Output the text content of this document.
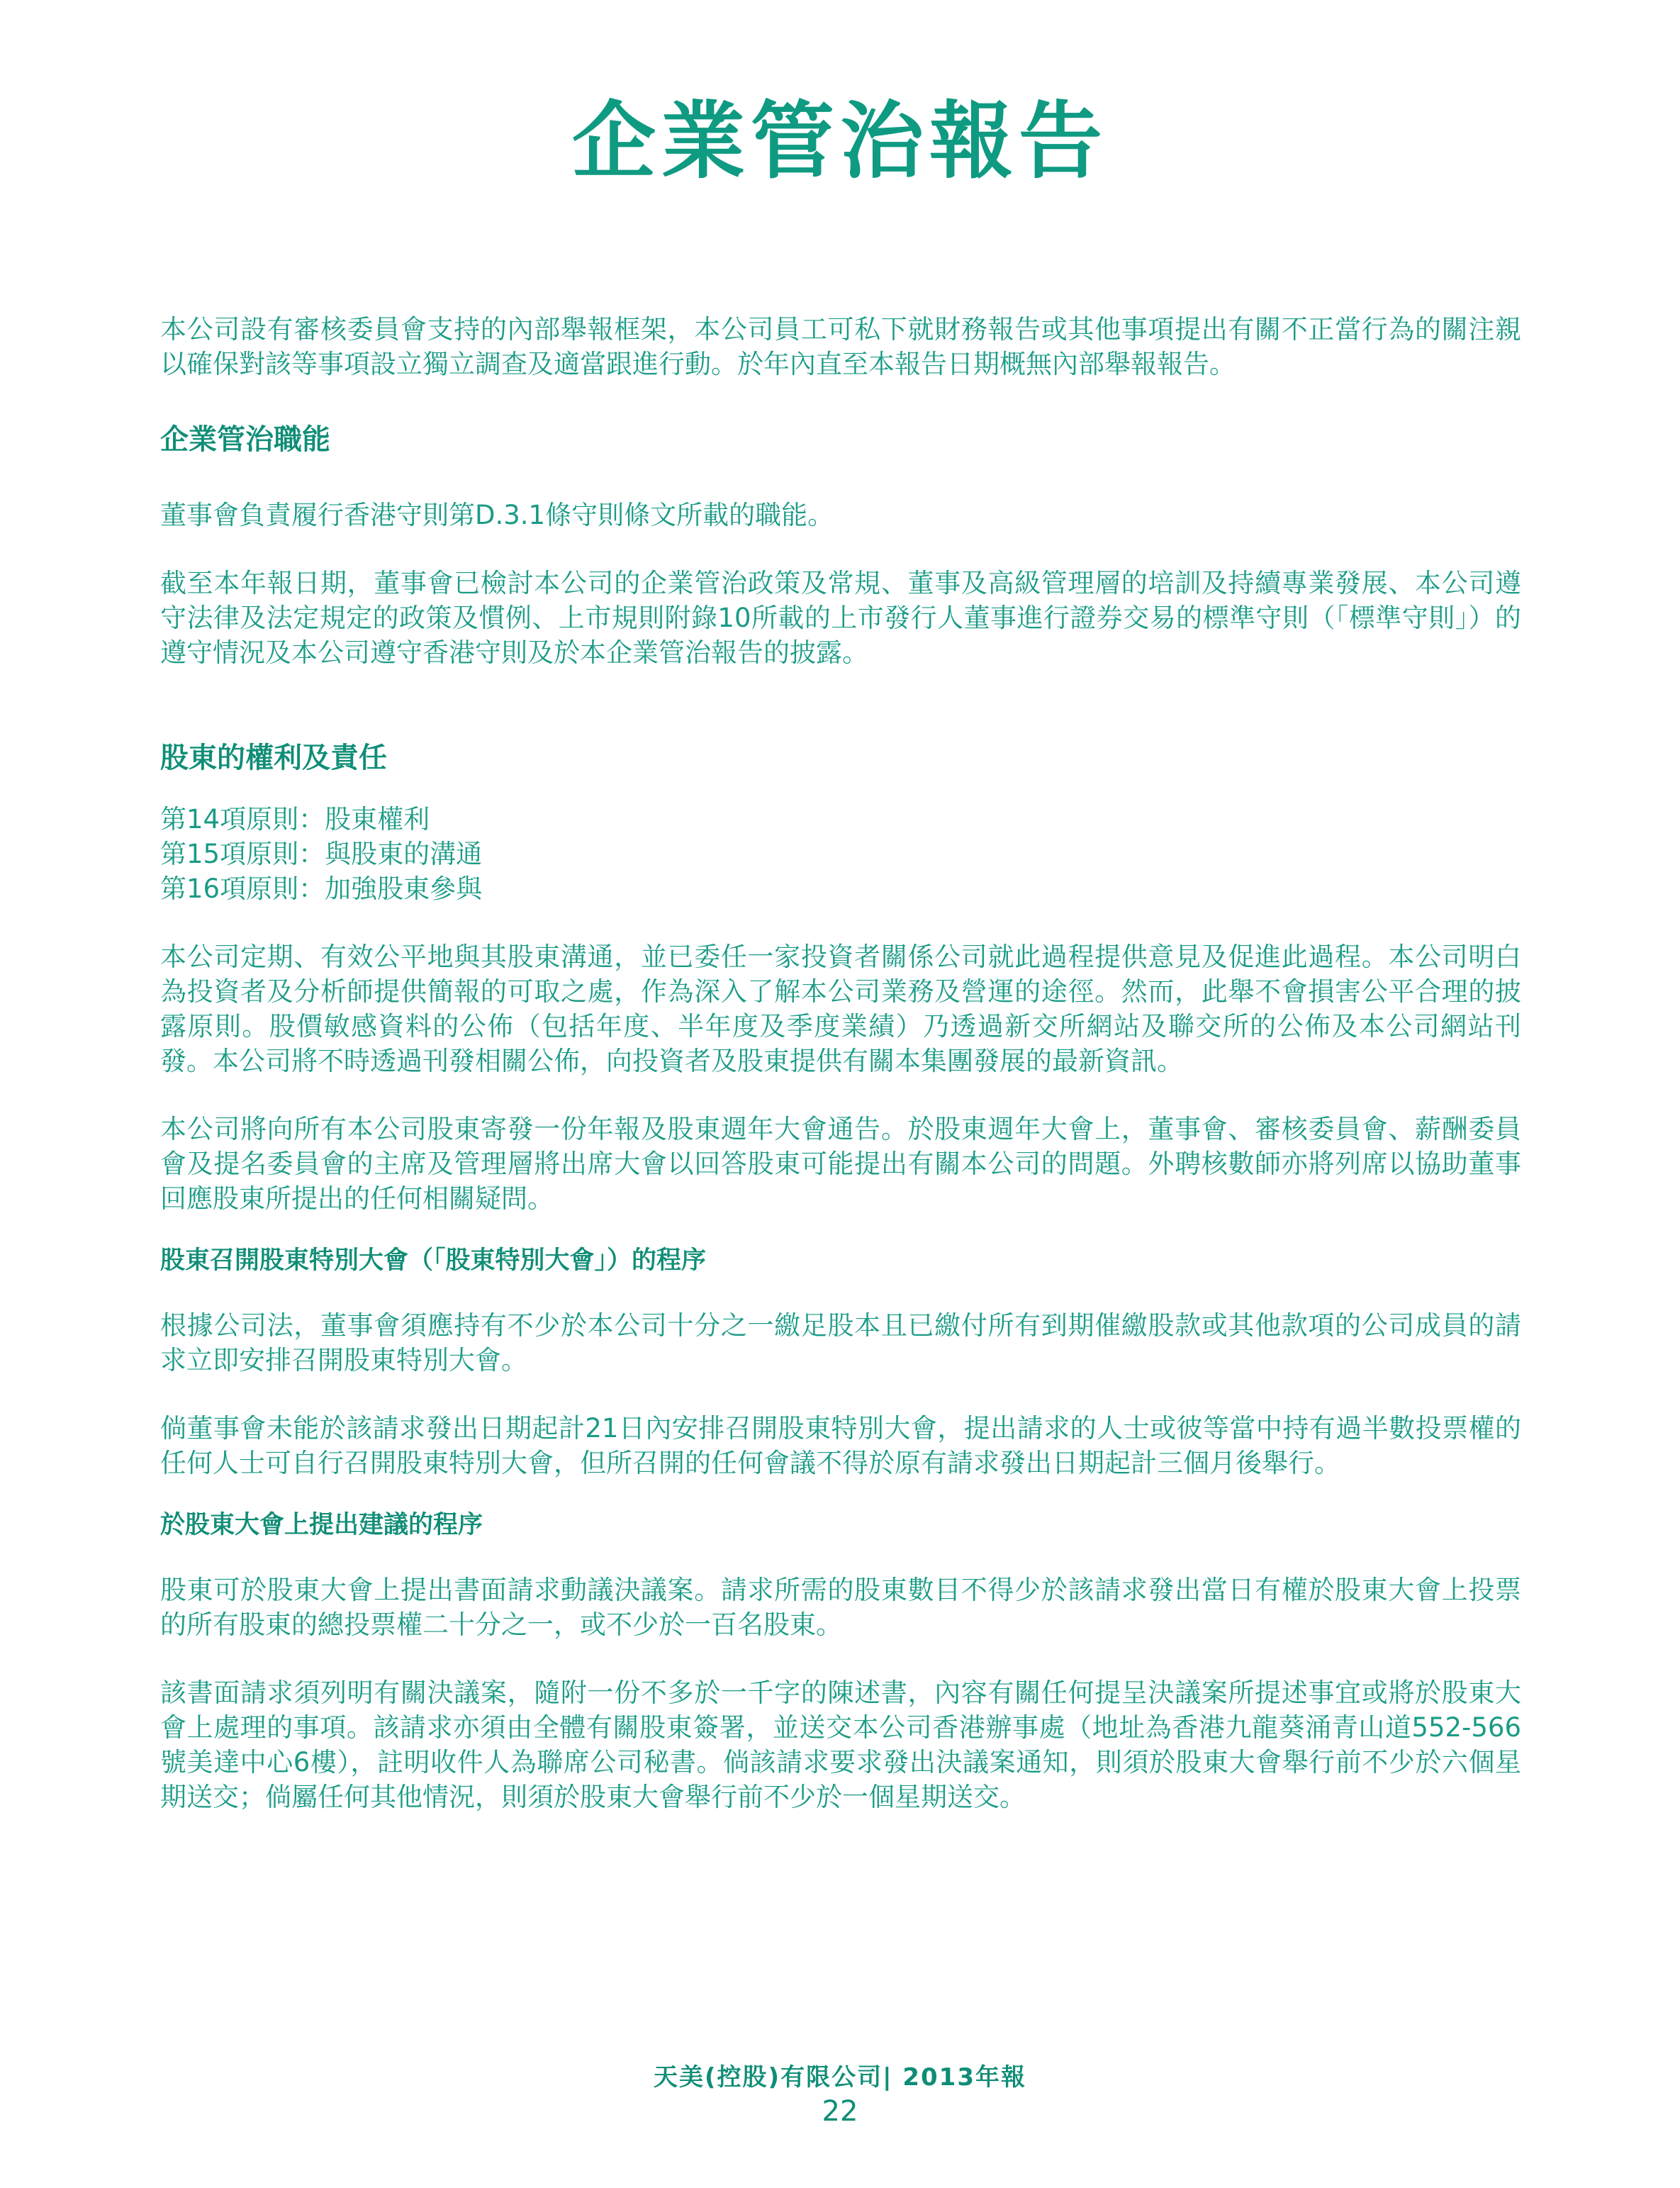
企業管治報告

本公司設有審核委員會支持的內部舉報框架，本公司員工可私下就財務報告或其他事項提出有關不正當行為的關注親以確保對該等事項設立獨立調查及適當跟進行動。於年內直至本報告日期概無內部舉報報告。

企業管治職能

董事會負責履行香港守則第D.3.1條守則條文所載的職能。

截至本年報日期，董事會已檢討本公司的企業管治政策及常規、董事及高級管理層的培訓及持續專業發展、本公司遵守法律及法定規定的政策及慣例、上市規則附錄10所載的上市發行人董事進行證券交易的標準守則（「標準守則」）的遵守情況及本公司遵守香港守則及於本企業管治報告的披露。

股東的權利及責任
第14項原則：股東權利
第15項原則：與股東的溝通
第16項原則：加強股東參與

本公司定期、有效公平地與其股東溝通，並已委任一家投資者關係公司就此過程提供意見及促進此過程。本公司明白為投資者及分析師提供簡報的可取之處，作為深入了解本公司業務及營運的途徑。然而，此舉不會損害公平合理的披露原則。股價敏感資料的公佈（包括年度、半年度及季度業績）乃透過新交所網站及聯交所的公佈及本公司網站刊發。本公司將不時透過刊發相關公佈，向投資者及股東提供有關本集團發展的最新資訊。

本公司將向所有本公司股東寄發一份年報及股東週年大會通告。於股東週年大會上，董事會、審核委員會、薪酬委員會及提名委員會的主席及管理層將出席大會以回答股東可能提出有關本公司的問題。外聘核數師亦將列席以協助董事回應股東所提出的任何相關疑問。

股東召開股東特別大會（「股東特別大會」）的程序

根據公司法，董事會須應持有不少於本公司十分之一繳足股本且已繳付所有到期催繳股款或其他款項的公司成員的請求立即安排召開股東特別大會。

倘董事會未能於該請求發出日期起計21日內安排召開股東特別大會，提出請求的人士或彼等當中持有過半數投票權的任何人士可自行召開股東特別大會，但所召開的任何會議不得於原有請求發出日期起計三個月後舉行。

於股東大會上提出建議的程序

股東可於股東大會上提出書面請求動議決議案。請求所需的股東數目不得少於該請求發出當日有權於股東大會上投票的所有股東的總投票權二十分之一，或不少於一百名股東。

該書面請求須列明有關決議案，隨附一份不多於一千字的陳述書，內容有關任何提呈決議案所提述事宜或將於股東大會上處理的事項。該請求亦須由全體有關股東簽署，並送交本公司香港辦事處（地址為香港九龍葵涌青山道552-566號美達中心6樓），註明收件人為聯席公司秘書。倘該請求要求發出決議案通知，則須於股東大會舉行前不少於六個星期送交；倘屬任何其他情況，則須於股東大會舉行前不少於一個星期送交。

天美(控股)有限公司| 2013年報
22
